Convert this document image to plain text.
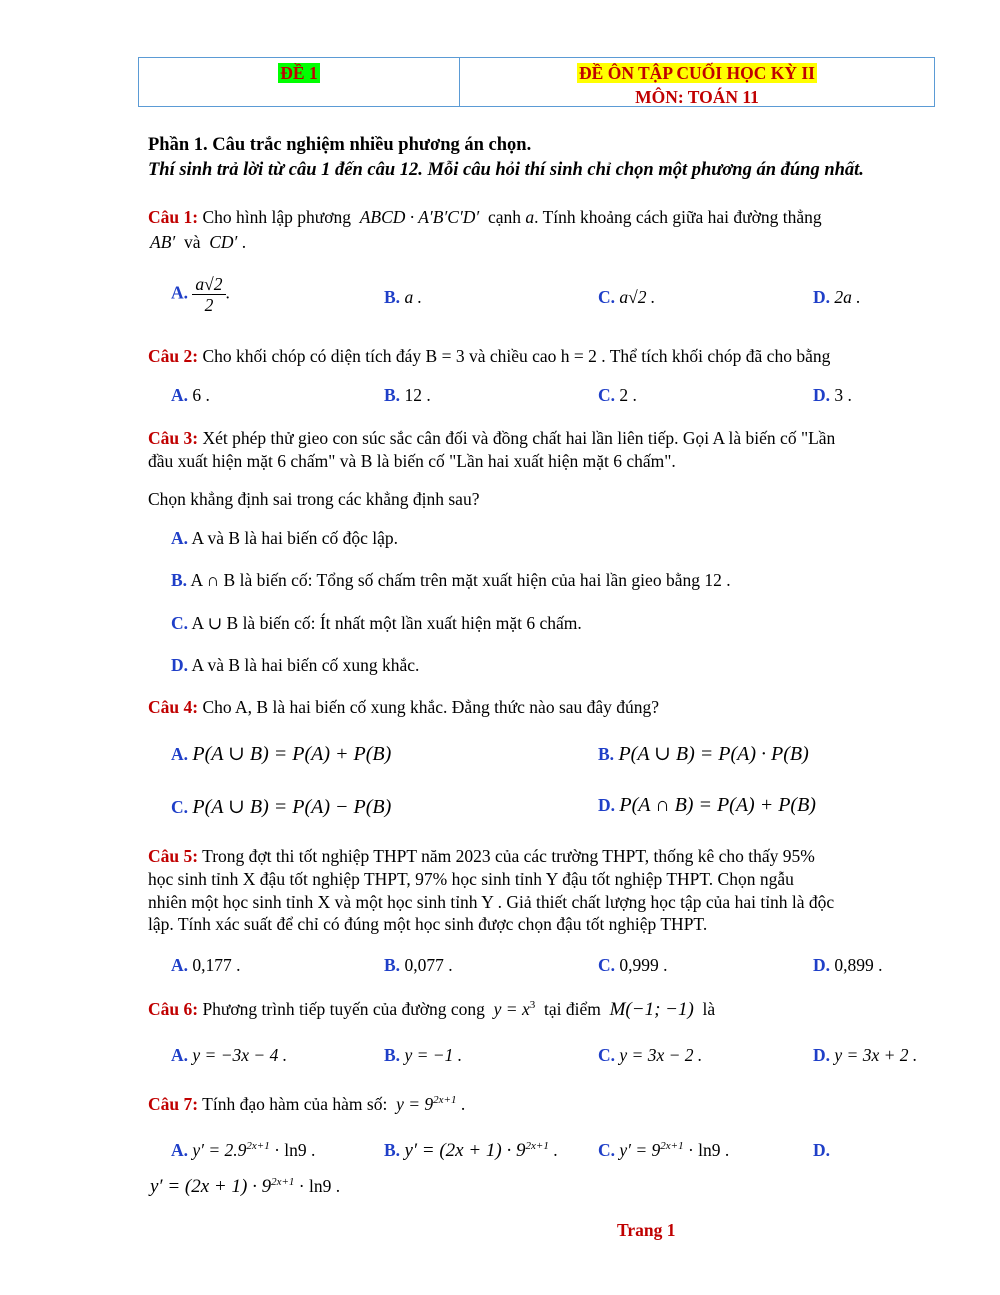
ĐỀ 1	ĐỀ ÔN TẬP CUỐI HỌC KỲ II
MÔN: TOÁN 11
Phần 1. Câu trắc nghiệm nhiều phương án chọn.
Thí sinh trả lời từ câu 1 đến câu 12. Mỗi câu hỏi thí sinh chỉ chọn một phương án đúng nhất.
Câu 1: Cho hình lập phương ABCD · A′B′C′D′ cạnh a. Tính khoảng cách giữa hai đường thẳng
AB′ và CD′ .
A. $\frac{a√2}{2}$ .	B. a .	C. a√2 .	D. 2a .
Câu 2: Cho khối chóp có diện tích đáy B = 3 và chiều cao h = 2 . Thể tích khối chóp đã cho bằng
A. 6 .	B. 12 .	C. 2 .	D. 3 .
Câu 3: Xét phép thử gieo con súc sắc cân đối và đồng chất hai lần liên tiếp. Gọi A là biến cố "Lần
đầu xuất hiện mặt 6 chấm" và B là biến cố "Lần hai xuất hiện mặt 6 chấm".
Chọn khẳng định sai trong các khẳng định sau?
A. A và B là hai biến cố độc lập.
B. A ∩ B là biến cố: Tổng số chấm trên mặt xuất hiện của hai lần gieo bằng 12 .
C. A ∪ B là biến cố: Ít nhất một lần xuất hiện mặt 6 chấm.
D. A và B là hai biến cố xung khắc.
Câu 4: Cho A, B là hai biến cố xung khắc. Đẳng thức nào sau đây đúng?
A. P(A ∪ B) = P(A) + P(B)	B. P(A ∪ B) = P(A) · P(B)
C. P(A ∪ B) = P(A) − P(B)	D. P(A ∩ B) = P(A) + P(B)
Câu 5: Trong đợt thi tốt nghiệp THPT năm 2023 của các trường THPT, thống kê cho thấy 95%
học sinh tỉnh X đậu tốt nghiệp THPT, 97% học sinh tỉnh Y đậu tốt nghiệp THPT. Chọn ngẫu
nhiên một học sinh tỉnh X và một học sinh tỉnh Y . Giả thiết chất lượng học tập của hai tỉnh là độc
lập. Tính xác suất để chỉ có đúng một học sinh được chọn đậu tốt nghiệp THPT.
A. 0,177 .	B. 0,077 .	C. 0,999 .	D. 0,899 .
Câu 6: Phương trình tiếp tuyến của đường cong $y = x^3$ tại điểm M(−1; −1) là
A. y = −3x − 4 .	B. y = −1 .	C. y = 3x − 2 .	D. y = 3x + 2 .
Câu 7: Tính đạo hàm của hàm số: $y = 9^{2x+1}$ .
A. $y' = 2.9^{2x+1} \cdot \ln 9$ .	B. $y' = (2x + 1) \cdot 9^{2x+1}$ . C. $y' = 9^{2x+1} \cdot \ln 9$ .	D.
$y' = (2x + 1) \cdot 9^{2x+1} \cdot \ln 9$ .
Trang 1
